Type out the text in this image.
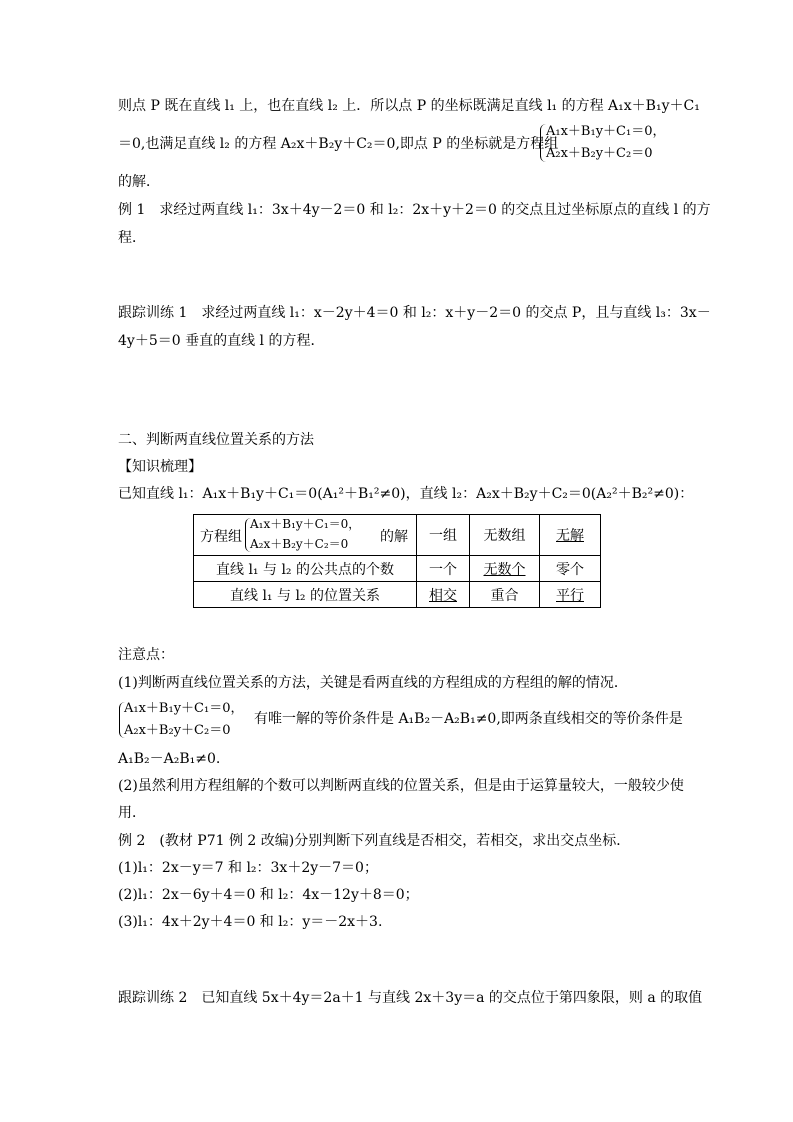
则点 P 既在直线 l₁ 上，也在直线 l₂ 上．所以点 P 的坐标既满足直线 l₁ 的方程 A₁x＋B₁y＋C₁
＝0,也满足直线 l₂ 的方程 A₂x＋B₂y＋C₂＝0,即点 P 的坐标就是方程组
A₁x＋B₁y＋C₁＝0，
A₂x＋B₂y＋C₂＝0
的解．
例 1　求经过两直线 l₁：3x＋4y－2＝0 和 l₂：2x＋y＋2＝0 的交点且过坐标原点的直线 l 的方
程．
跟踪训练 1　求经过两直线 l₁：x－2y＋4＝0 和 l₂：x＋y－2＝0 的交点 P，且与直线 l₃：3x－
4y＋5＝0 垂直的直线 l 的方程．
二、判断两直线位置关系的方法
【知识梳理】
已知直线 l₁：A₁x＋B₁y＋C₁＝0(A₁²＋B₁²≠0)，直线 l₂：A₂x＋B₂y＋C₂＝0(A₂²＋B₂²≠0)：
方程组
A₁x＋B₁y＋C₁＝0，
A₂x＋B₂y＋C₂＝0 的解	一组	无数组	无解
直线 l₁ 与 l₂ 的公共点的个数	一个	无数个	零个
直线 l₁ 与 l₂ 的位置关系	相交	重合	平行
注意点：
(1)判断两直线位置关系的方法，关键是看两直线的方程组成的方程组的解的情况．
A₁x＋B₁y＋C₁＝0，
A₂x＋B₂y＋C₂＝0
有唯一解的等价条件是 A₁B₂－A₂B₁≠0,即两条直线相交的等价条件是
A₁B₂－A₂B₁≠0.
(2)虽然利用方程组解的个数可以判断两直线的位置关系，但是由于运算量较大，一般较少使
用．
例 2　(教材 P71 例 2 改编)分别判断下列直线是否相交，若相交，求出交点坐标．
(1)l₁：2x－y＝7 和 l₂：3x＋2y－7＝0；
(2)l₁：2x－6y＋4＝0 和 l₂：4x－12y＋8＝0；
(3)l₁：4x＋2y＋4＝0 和 l₂：y＝－2x＋3.
跟踪训练 2　已知直线 5x＋4y＝2a＋1 与直线 2x＋3y＝a 的交点位于第四象限，则 a 的取值
